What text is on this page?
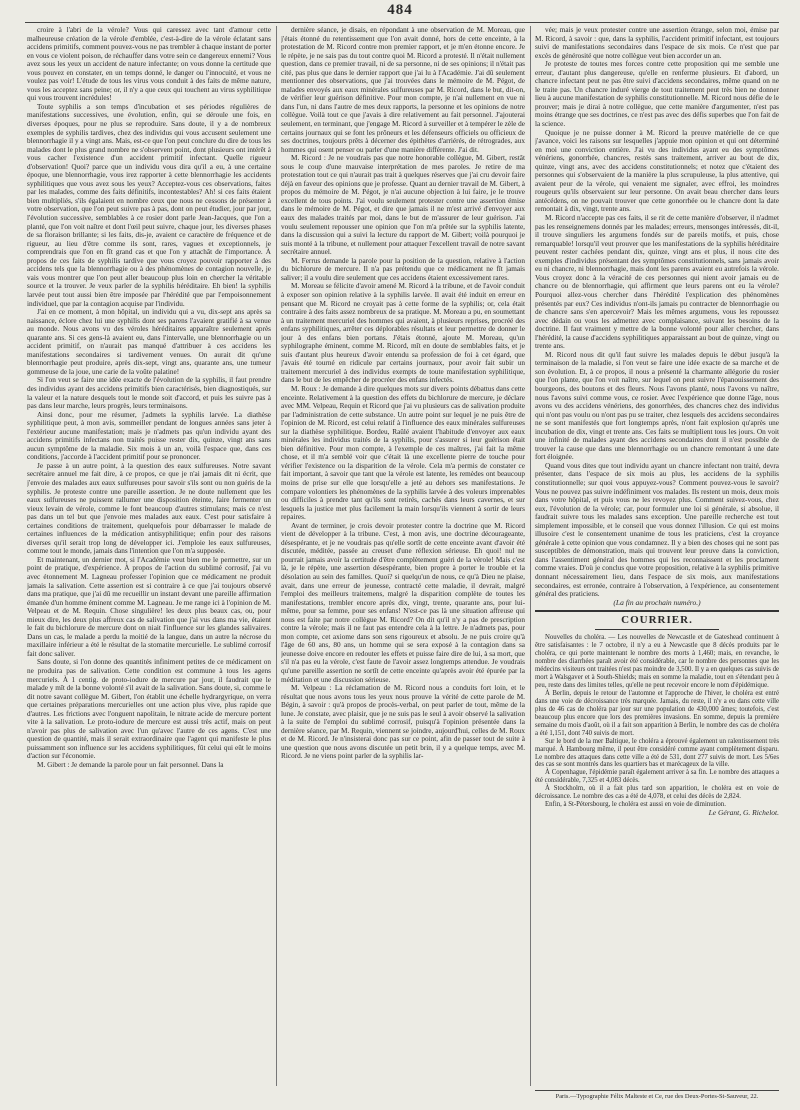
484

croire à l'abri de la vérole? Vous qui caressez avec tant d'amour cette malheureuse création de la vérole d'emblée, c'est-à-dire de la vérole éclatant sans accidens primitifs, comment pouvez-vous ne pas trembler à chaque instant de porter en vous ce violent poison, de réchauffer dans votre sein ce dangereux ennemi? Vous avez sous les yeux un accident de nature infectante; on vous donne la certitude que vous pouvez en constater, en un temps donné, le danger ou l'innocuité, et vous ne voulez pas voir! L'étude de tous les virus vous conduit à des faits de même nature, vous les acceptez sans peine; or, il n'y a que ceux qui touchent au virus syphilitique qui vous trouvent incrédules!

Toute syphilis a son temps d'incubation et ses périodes régulières de manifestations successives, une évolution, enfin, qui se déroule une fois, en diverses époques, pour ne plus se reproduire. Sans doute, il y a de nombreux exemples de syphilis tardives, chez des individus qui vous accusent seulement une blennorrhagie il y a vingt ans. Mais, est-ce que l'on peut conclure du dire de tous les malades dont le plus grand nombre ne s'observent point, dont plusieurs ont intérêt à vous cacher l'existence d'un accident primitif infectant. Quelle rigueur d'observation! Quoi? parce que un individu vous dira qu'il a eu, à une certaine époque, une blennorrhagie, vous irez rapporter à cette blennorrhagie les accidents syphilitiques que vous avez sous les yeux? Acceptez-vous ces observations, faites par les malades, comme des faits définitifs, incontestables? Ah! si ces faits étaient bien multipliés, s'ils égalaient en nombre ceux que nous ne cessons de présenter à votre observation, que l'on peut suivre pas à pas, dont on peut étudier, jour par jour, l'évolution successive, semblables à ce rosier dont parle Jean-Jacques, que l'on a planté, que l'on voit naître et dont l'œil peut suivre, chaque jour, les diverses phases de sa floraison brillante; si les faits, dis-je, avaient ce caractère de fréquence et de rigueur, au lieu d'être comme ils sont, rares, vagues et exceptionnels, je comprendrais que l'on en fît grand cas et que l'on y attachât de l'importance. À propos de ces faits de syphilis tardive que vous croyez pouvoir rapporter à des accidens tels que la blennorrhagie ou à des phénomènes de contagion nouvelle, je vais vous montrer que l'on peut aller beaucoup plus loin en chercher la véritable source et la trouver. Je veux parler de la syphilis héréditaire. Eh bien! la syphilis larvée peut tout aussi bien être imposée par l'hérédité que par l'empoisonnement individuel, que par la contagion acquise par l'individu.

J'ai en ce moment, à mon hôpital, un individu qui a vu, dix-sept ans après sa naissance, éclore chez lui une syphilis dont ses parens l'avaient gratifié à sa venue au monde. Nous avons vu des véroles héréditaires apparaître seulement après quarante ans. Si ces gens-là avaient eu, dans l'intervalle, une blennorrhagie ou un accident primitif, on n'aurait pas manqué d'attribuer à ces accidens les manifestations secondaires si tardivement venues. On aurait dit qu'une blennorrhagie peut produire, après dix-sept, vingt ans, quarante ans, une tumeur gommeuse de la joue, une carie de la voûte palatine!

Si l'on veut se faire une idée exacte de l'évolution de la syphilis, il faut prendre des individus ayant des accidens primitifs bien caractérisés, bien diagnostiqués, sur la valeur et la nature desquels tout le monde soit d'accord, et puis les suivre pas à pas dans leur marche, leurs progrès, leurs terminaisons.

Ainsi donc, pour me résumer, j'admets la syphilis larvée. La diathèse syphilitique peut, à mon avis, sommeiller pendant de longues années sans jeter à l'extérieur aucune manifestation; mais je n'admets pas qu'un individu ayant des accidens primitifs infectans non traités puisse rester dix, quinze, vingt ans sans aucun symptôme de la maladie. Six mois à un an, voilà l'espace que, dans ces conditions, j'accorde à l'accident primitif pour se prononcer.

Je passe à un autre point, à la question des eaux sulfureuses. Notre savant secrétaire annuel me fait dire, à ce propos, ce que je n'ai jamais dit ni écrit, que j'envoie des malades aux eaux sulfureuses pour savoir s'ils sont ou non guéris de la syphilis. Je proteste contre une pareille assertion. Je ne doute nullement que les eaux sulfureuses ne puissent rallumer une disposition éteinte, faire fermenter un vieux levain de vérole, comme le font beaucoup d'autres stimulans; mais ce n'est pas dans un tel but que j'envoie mes malades aux eaux. C'est pour satisfaire à certaines conditions de traitement, quelquefois pour débarrasser le malade de certaines influences de la médication antisyphilitique; enfin pour des raisons diverses qu'il serait trop long de développer ici. J'emploie les eaux sulfureuses, comme tout le monde, jamais dans l'intention que l'on m'a supposée.

Et maintenant, un dernier mot, si l'Académie veut bien me le permettre, sur un point de pratique, d'expérience. À propos de l'action du sublimé corrosif, j'ai vu avec étonnement M. Lagneau professer l'opinion que ce médicament ne produit jamais la salivation. Cette assertion est si contraire à ce que j'ai toujours observé dans ma pratique, que j'ai dû me recueillir un instant devant une pareille affirmation émanée d'un homme éminent comme M. Lagneau. Je me range ici à l'opinion de M. Velpeau et de M. Requin. Chose singulière! les deux plus beaux cas, ou, pour mieux dire, les deux plus affreux cas de salivation que j'ai vus dans ma vie, étaient le fait du bichlorure de mercure dont on niait l'influence sur les glandes salivaires. Dans un cas, le malade a perdu la moitié de la langue, dans un autre la nécrose du maxillaire inférieur a été le résultat de la stomatite mercurielle. Le sublimé corrosif fait donc saliver.

Sans doute, si l'on donne des quantités infiniment petites de ce médicament on ne produira pas de salivation. Cette condition est commune à tous les agens mercuriels. À 1 centig. de proto-iodure de mercure par jour, il faudrait que le malade y mît de la bonne volonté s'il avait de la salivation. Sans doute, si, comme le dit notre savant collègue M. Gibert, l'on établit une échelle hydrargyrique, on verra que certaines préparations mercurielles ont une action plus vive, plus rapide que d'autres. Les frictions avec l'onguent napolitain, le nitrate acide de mercure portent vite à la salivation. Le proto-iodure de mercure est aussi très actif, mais on peut n'avoir pas plus de salivation avec l'un qu'avec l'autre de ces agens. C'est une question de quantité, mais il serait extraordinaire que l'agent qui manifeste le plus puissamment son influence sur les accidens syphilitiques, fût celui qui eût le moins d'action sur l'économie.

M. Gibert : Je demande la parole pour un fait personnel. Dans la

dernière séance, je disais, en répondant à une observation de M. Moreau, que j'étais étonné du retentissement que l'on avait donné, hors de cette enceinte, à la protestation de M. Ricord contre mon premier rapport, et je m'en étonne encore. Je le répète, je ne sais pas du tout contre quoi M. Ricord a protesté. Il n'était nullement question, dans ce premier travail, ni de sa personne, ni de ses opinions; il n'était pas cité, pas plus que dans le dernier rapport que j'ai lu à l'Académie. J'ai dû seulement mentionner des observations, que j'ai trouvées dans le mémoire de M. Pégot, de malades envoyés aux eaux minérales sulfureuses par M. Ricord, dans le but, dit-on, de vérifier leur guérison définitive. Pour mon compte, je n'ai nullement en vue ni dans l'un, ni dans l'autre de mes deux rapports, la personne et les opinions de notre collègue. Voilà tout ce que j'avais à dire relativement au fait personnel. J'ajouterai seulement, en terminant, que j'engage M. Ricord à surveiller et à tempérer le zèle de certains journaux qui se font les prôneurs et les défenseurs officiels ou officieux de ses doctrines, toujours prêts à décerner des épithètes d'arriérés, de rétrogrades, aux hommes qui osent penser ou parler d'une manière différente. J'ai dit.

M. Ricord : Je ne voudrais pas que notre honorable collègue, M. Gibert, restât sous le coup d'une mauvaise interprétation de mes paroles. Je retire de ma protestation tout ce qui n'aurait pas trait à quelques réserves que j'ai cru devoir faire déjà en faveur des opinions que je professe. Quant au dernier travail de M. Gibert, à propos du mémoire de M. Pégot, je n'ai aucune objection à lui faire, je le trouve excellent de tous points. J'ai voulu seulement protester contre une assertion émise dans le mémoire de M. Pégot, et dire que jamais il ne m'est arrivé d'envoyer aux eaux des malades traités par moi, dans le but de m'assurer de leur guérison. J'ai voulu seulement repousser une opinion que l'on m'a prêtée sur la syphilis latente, dans la discussion qui a suivi la lecture du rapport de M. Gibert; voilà pourquoi je suis monté à la tribune, et nullement pour attaquer l'excellent travail de notre savant secrétaire annuel.

M. Ferrus demande la parole pour la position de la question, relative à l'action du bichlorure de mercure. Il n'a pas prétendu que ce médicament ne fît jamais saliver; il a voulu dire seulement que ces accidens étaient excessivement rares.

M. Moreau se félicite d'avoir amené M. Ricord à la tribune, et de l'avoir conduit à exposer son opinion relative à la syphilis larvée. Il avait été induit en erreur en pensant que M. Ricord ne croyait pas à cette forme de la syphilis; or, cela était contraire à des faits assez nombreux de sa pratique. M. Moreau a pu, en soumettant à un traitement mercuriel des hommes qui avaient, à plusieurs reprises, procréé des enfans syphilitiques, arrêter ces déplorables résultats et leur permettre de donner le jour à des enfans bien portans. J'étais étonné, ajoute M. Moreau, qu'un syphilographe éminent, comme M. Ricord, mît en doute de semblables faits, et je suis d'autant plus heureux d'avoir entendu sa profession de foi à cet égard, que j'avais été tourné en ridicule par certains journaux, pour avoir fait subir un traitement mercuriel à des individus exempts de toute manifestation syphilitique, dans le but de les empêcher de procréer des enfans infectés.

M. Roux : Je demande à dire quelques mots sur divers points débattus dans cette enceinte. Relativement à la question des effets du bichlorure de mercure, je déclare avec MM. Velpeau, Requin et Ricord que j'ai vu plusieurs cas de salivation produite par l'administration de cette substance. Un autre point sur lequel je ne puis être de l'opinion de M. Ricord, est celui relatif à l'influence des eaux minérales sulfureuses sur la diathèse syphilitique. Bordeu, Raûlé avaient l'habitude d'envoyer aux eaux minérales les individus traités de la syphilis, pour s'assurer si leur guérison était bien définitive. Pour mon compte, à l'exemple de ces maîtres, j'ai fait la même chose, et il m'a semblé voir que c'était là une excellente pierre de touche pour vérifier l'existence ou la disparition de la vérole. Cela m'a permis de constater ce fait important, à savoir que tant que la vérole est latente, les remèdes ont beaucoup moins de prise sur elle que lorsqu'elle a jeté au dehors ses manifestations. Je compare volontiers les phénomènes de la syphilis larvée à des voleurs imprenables ou difficiles à prendre tant qu'ils sont retirés, cachés dans leurs cavernes, et sur lesquels la justice met plus facilement la main lorsqu'ils viennent à sortir de leurs repaires.

Avant de terminer, je crois devoir protester contre la doctrine que M. Ricord vient de développer à la tribune. C'est, à mon avis, une doctrine décourageante, désespérante, et je ne voudrais pas qu'elle sortît de cette enceinte avant d'avoir été discutée, méditée, passée au creuset d'une réflexion sérieuse. Eh quoi! nul ne pourrait jamais avoir la certitude d'être complètement guéri de la vérole! Mais c'est là, je le répète, une assertion désespérante, bien propre à porter le trouble et la désolation au sein des familles. Quoi? si quelqu'un de nous, ce qu'à Dieu ne plaise, avait, dans une erreur de jeunesse, contracté cette maladie, il devrait, malgré l'emploi des meilleurs traitemens, malgré la disparition complète de toutes les manifestations, trembler encore après dix, vingt, trente, quarante ans, pour lui-même, pour sa femme, pour ses enfans! N'est-ce pas là une situation affreuse qui nous est faite par notre collègue M. Ricord? On dit qu'il n'y a pas de prescription contre la vérole; mais il ne faut pas entendre cela à la lettre. Je n'admets pas, pour mon compte, cet axiome dans son sens rigoureux et absolu. Je ne puis croire qu'à l'âge de 60 ans, 80 ans, un homme qui se sera exposé à la contagion dans sa jeunesse doive encore en redouter les effets et puisse faire dire de lui, à sa mort, que s'il n'a pas eu la vérole, c'est faute de l'avoir assez longtemps attendue. Je voudrais qu'une pareille assertion ne sortît de cette enceinte qu'après avoir été épurée par la méditation et une discussion sérieuse.

M. Velpeau : La réclamation de M. Ricord nous a conduits fort loin, et le résultat que nous avons tous les yeux nous prouve la vérité de cette parole de M. Bégin, à savoir : qu'à propos de procès-verbal, on peut parler de tout, même de la lune. Je constate, avec plaisir, que je ne suis pas le seul à avoir observé la salivation à la suite de l'emploi du sublimé corrosif, puisqu'à l'opinion présentée dans la dernière séance, par M. Requin, viennent se joindre, aujourd'hui, celles de M. Roux et de M. Ricord. Je n'insisterai donc pas sur ce point, afin de passer tout de suite à une question que nous avons discutée un petit brin, il y a quelque temps, avec M. Ricord. Je ne viens point parler de la syphilis lar-

vée; mais je veux protester contre une assertion étrange, selon moi, émise par M. Ricord, à savoir : que, dans la syphilis, l'accident primitif infectant, est toujours suivi de manifestations secondaires dans l'espace de six mois. Ce n'est que par excès de générosité que notre collègue veut bien accorder un an.

Je proteste de toutes mes forces contre cette proposition qui me semble une erreur, d'autant plus dangereuse, qu'elle en renferme plusieurs. Et d'abord, un chancre infectant peut ne pas être suivi d'accidens secondaires, même quand on ne le traite pas. Un chancre induré vierge de tout traitement peut très bien ne donner lieu à aucune manifestation de syphilis constitutionnelle. M. Ricord nous défie de le prouver; mais je dirai à notre collègue, que cette manière d'argumenter, n'est pas moins étrange que ses doctrines, ce n'est pas avec des défis superbes que l'on fait de la science.

Quoique je ne puisse donner à M. Ricord la preuve matérielle de ce que j'avance, voici les raisons sur lesquelles j'appuie mon opinion et qui ont déterminé en moi une conviction entière. J'ai vu des individus ayant eu des symptômes vénériens, gonorrhée, chancres, restés sans traitement, arriver au bout de dix, quinze, vingt ans, avec des accidens constitutionnels; et notez que c'étaient des personnes qui s'observaient de la manière la plus scrupuleuse, la plus attentive, qui avaient peur de la vérole, qui venaient me signaler, avec effroi, les moindres rougeurs qu'ils observaient sur leur personne. On avait beau chercher dans leurs antécédens, on ne pouvait trouver que cette gonorrhée ou le chancre dont la date remontait à dix, vingt, trente ans.

M. Ricord n'accepte pas ces faits, il se rit de cette manière d'observer, il n'admet pas les renseignemens donnés par les malades; erreurs, mensonges intéressés, dit-il, il trouve singuliers les argumens fondés sur de pareils motifs, et puis, chose remarquable! lorsqu'il veut prouver que les manifestations de la syphilis héréditaire peuvent rester cachées pendant dix, quinze, vingt ans et plus, il nous cite des exemples d'individus présentant des symptômes constitutionnels, sans jamais avoir eu ni chancre, ni blennorrhagie, mais dont les parens avaient eu autrefois la vérole. Vous croyez donc à la véracité de ces personnes qui nient avoir jamais eu de chancre ou de blennorrhagie, qui affirment que leurs parens ont eu la vérole? Pourquoi allez-vous chercher dans l'hérédité l'explication des phénomènes présentés par eux? Ces individus n'ont-ils jamais pu contracter de blennorrhagie ou de chancre sans s'en apercevoir? Mais les mêmes argumens, vous les repoussez avec dédain ou vous les admettez avec complaisance, suivant les besoins de la doctrine. Il faut vraiment y mettre de la bonne volonté pour aller chercher, dans l'hérédité, la cause d'accidens syphilitiques apparaissant au bout de quinze, vingt ou trente ans.

M. Ricord nous dit qu'il faut suivre les malades depuis le début jusqu'à la terminaison de la maladie, si l'on veut se faire une idée exacte de sa marche et de son évolution. Et, à ce propos, il nous a présenté la charmante allégorie du rosier que l'on plante, que l'on voit naître, sur lequel on peut suivre l'épanouissement des bourgeons, des boutons et des fleurs. Nous l'avons planté, nous l'avons vu naître, nous l'avons suivi comme vous, ce rosier. Avec l'expérience que donne l'âge, nous avons vu des accidens vénériens, des gonorrhées, des chancres chez des individus qui n'ont pas voulu ou n'ont pas pu se traiter, chez lesquels des accidens secondaires ne se sont manifestés que fort longtemps après, n'ont fait explosion qu'après une incubation de dix, vingt et trente ans. Ces faits se multiplient tous les jours. On voit une infinité de malades ayant des accidens secondaires dont il n'est possible de trouver la cause que dans une blennorrhagie ou un chancre remontant à une date fort éloignée.

Quand vous dites que tout individu ayant un chancre infectant non traité, devra présenter, dans l'espace de six mois au plus, les accidens de la syphilis constitutionnelle; sur quoi vous appuyez-vous? Comment pouvez-vous le savoir? Vous ne pouvez pas suivre indéfiniment vos malades. Ils restent un mois, deux mois dans votre hôpital, et puis vous ne les revoyez plus. Comment suivez-vous, chez eux, l'évolution de la vérole; car, pour formuler une loi si générale, si absolue, il faudrait suivre tous les malades sans exception. Une pareille recherche est tout simplement impossible, et le conseil que vous donnez l'illusion. Ce qui est moins illusoire c'est le consentement unanime de tous les praticiens, c'est la croyance générale à cette opinion que vous condamnez. Il y a bien des choses qui ne sont pas susceptibles de démonstration, mais qui trouvent leur preuve dans la conviction, dans l'assentiment général des hommes qui les reconnaissent et les proclament comme vraies. D'où je conclus que votre proposition, relative à la syphilis primitive donnant nécessairement lieu, dans l'espace de six mois, aux manifestations secondaires, est erronée, contraire à l'observation, à l'expérience, au consentement général des praticiens.

(La fin au prochain numéro.)

COURRIER.

Nouvelles du choléra. — Les nouvelles de Newcastle et de Gateshead continuent à être satisfaisantes : le 7 octobre, il n'y a eu à Newcastle que 8 décès produits par le choléra, ce qui porte maintenant le nombre des morts à 1,460; mais, en revanche, le nombre des diarrhées paraît avoir été considérable, car le nombre des personnes que les médecins visiteurs ont traitées n'est pas moindre de 3,500. Il y a en quelques cas suivis de mort à Walsgaver et à South-Shields; mais en somme la maladie, tout en s'étendant peu à peu, reste dans des limites telles, qu'elle ne peut recevoir encore le nom d'épidémique.

À Berlin, depuis le retour de l'automne et l'approche de l'hiver, le choléra est entré dans une voie de décroissance très marquée. Jamais, du reste, il n'y a eu dans cette ville plus de 46 cas de choléra par jour sur une population de 430,000 âmes; toutefois, c'est beaucoup plus encore que lors des premières invasions. En somme, depuis la première semaine du mois d'août, où il a fait son apparition à Berlin, le nombre des cas de choléra a été 1,151, dont 740 suivis de mort.

Sur le bord de la mer Baltique, le choléra a éprouvé également un ralentissement très marqué. À Hambourg même, il peut être considéré comme ayant complètement disparu. Le nombre des attaques dans cette ville a été de 531, dont 277 suivis de mort. Les 5/6es des cas se sont montrés dans les quartiers bas et marécageux de la ville.

À Copenhague, l'épidémie paraît également arriver à sa fin. Le nombre des attaques a été considérable, 7,325 et 4,083 décès.

À Stockholm, où il a fait plus tard son apparition, le choléra est en voie de décroissance. Le nombre des cas a été de 4,078, et celui des décès de 2,824.

Enfin, à St-Pétersbourg, le choléra est aussi en voie de diminution.

Le Gérant, G. Richelot.

Paris.—Typographie Félix Malteste et Ce, rue des Deux-Portes-St-Sauveur, 22.
